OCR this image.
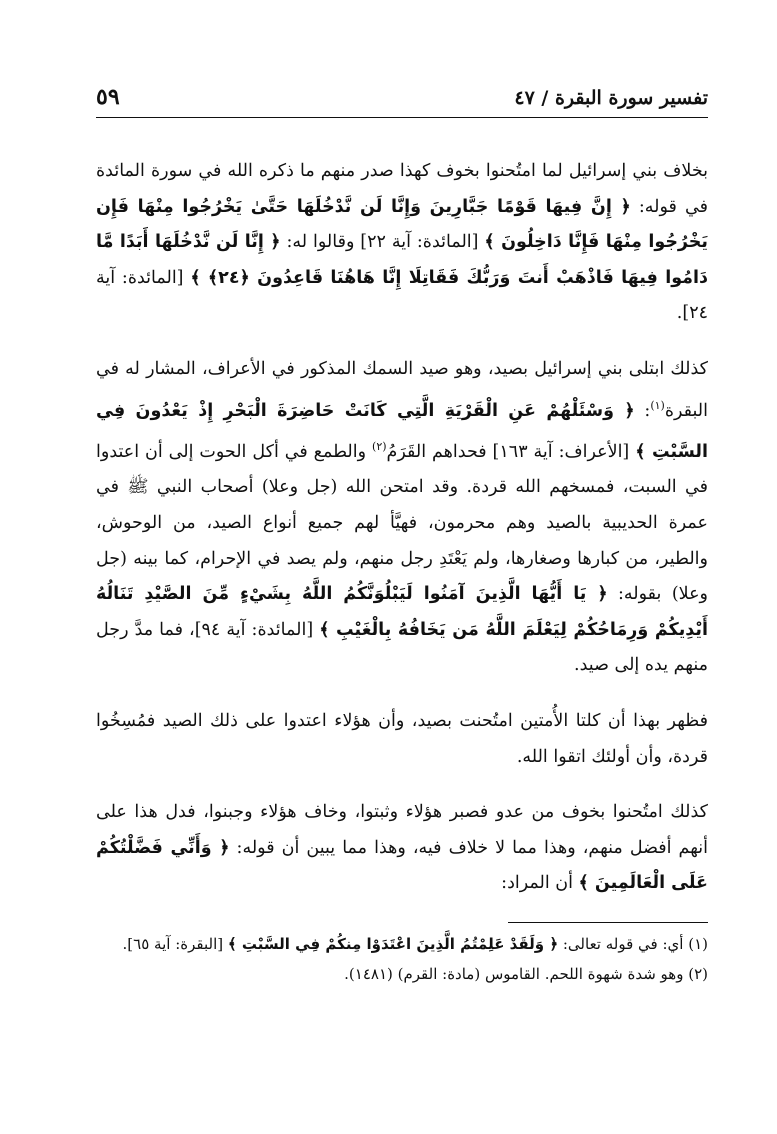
تفسير سورة البقرة / ٤٧
٥٩

بخلاف بني إسرائيل لما امتُحنوا بخوف كهذا صدر منهم ما ذكره الله في سورة المائدة في قوله: ﴿ إِنَّ فِيهَا قَوْمًا جَبَّارِينَ وَإِنَّا لَن نَّدْخُلَهَا حَتَّىٰ يَخْرُجُوا مِنْهَا فَإِن يَخْرُجُوا مِنْهَا فَإِنَّا دَاخِلُونَ ﴾ [المائدة: آية ٢٢] وقالوا له: ﴿ إِنَّا لَن نَّدْخُلَهَا أَبَدًا مَّا دَامُوا فِيهَا فَاذْهَبْ أَنتَ وَرَبُّكَ فَقَاتِلَا إِنَّا هَاهُنَا قَاعِدُونَ ﴿٢٤﴾ ﴾ [المائدة: آية ٢٤].

كذلك ابتلى بني إسرائيل بصيد، وهو صيد السمك المذكور في الأعراف، المشار له في البقرة$^{(١)}$: ﴿ وَسْئَلْهُمْ عَنِ الْقَرْيَةِ الَّتِي كَانَتْ حَاضِرَةَ الْبَحْرِ إِذْ يَعْدُونَ فِي السَّبْتِ ﴾ [الأعراف: آية ١٦٣] فحداهم القَرَمُ$^{(٢)}$ والطمع في أكل الحوت إلى أن اعتدوا في السبت، فمسخهم الله قردة. وقد امتحن الله (جل وعلا) أصحاب النبي ﷺ في عمرة الحديبية بالصيد وهم محرمون، فهيَّأ لهم جميع أنواع الصيد، من الوحوش، والطير، من كبارها وصغارها، ولم يَعْتَدِ رجل منهم، ولم يصد في الإحرام، كما بينه (جل وعلا) بقوله: ﴿ يَا أَيُّهَا الَّذِينَ آمَنُوا لَيَبْلُوَنَّكُمُ اللَّهُ بِشَيْءٍ مِّنَ الصَّيْدِ تَنَالُهُ أَيْدِيكُمْ وَرِمَاحُكُمْ لِيَعْلَمَ اللَّهُ مَن يَخَافُهُ بِالْغَيْبِ ﴾ [المائدة: آية ٩٤]، فما مدَّ رجل منهم يده إلى صيد.

فظهر بهذا أن كلتا الأُمتين امتُحنت بصيد، وأن هؤلاء اعتدوا على ذلك الصيد فمُسِخُوا قردة، وأن أولئك اتقوا الله.

كذلك امتُحنوا بخوف من عدو فصبر هؤلاء وثبتوا، وخاف هؤلاء وجبنوا، فدل هذا على أنهم أفضل منهم، وهذا مما لا خلاف فيه، وهذا مما يبين أن قوله: ﴿ وَأَنِّي فَضَّلْتُكُمْ عَلَى الْعَالَمِينَ ﴾ أن المراد:

(١) أي: في قوله تعالى: ﴿ وَلَقَدْ عَلِمْتُمُ الَّذِينَ اعْتَدَوْا مِنكُمْ فِي السَّبْتِ ﴾ [البقرة: آية ٦٥].

(٢) وهو شدة شهوة اللحم. القاموس (مادة: القرم) (١٤٨١).
